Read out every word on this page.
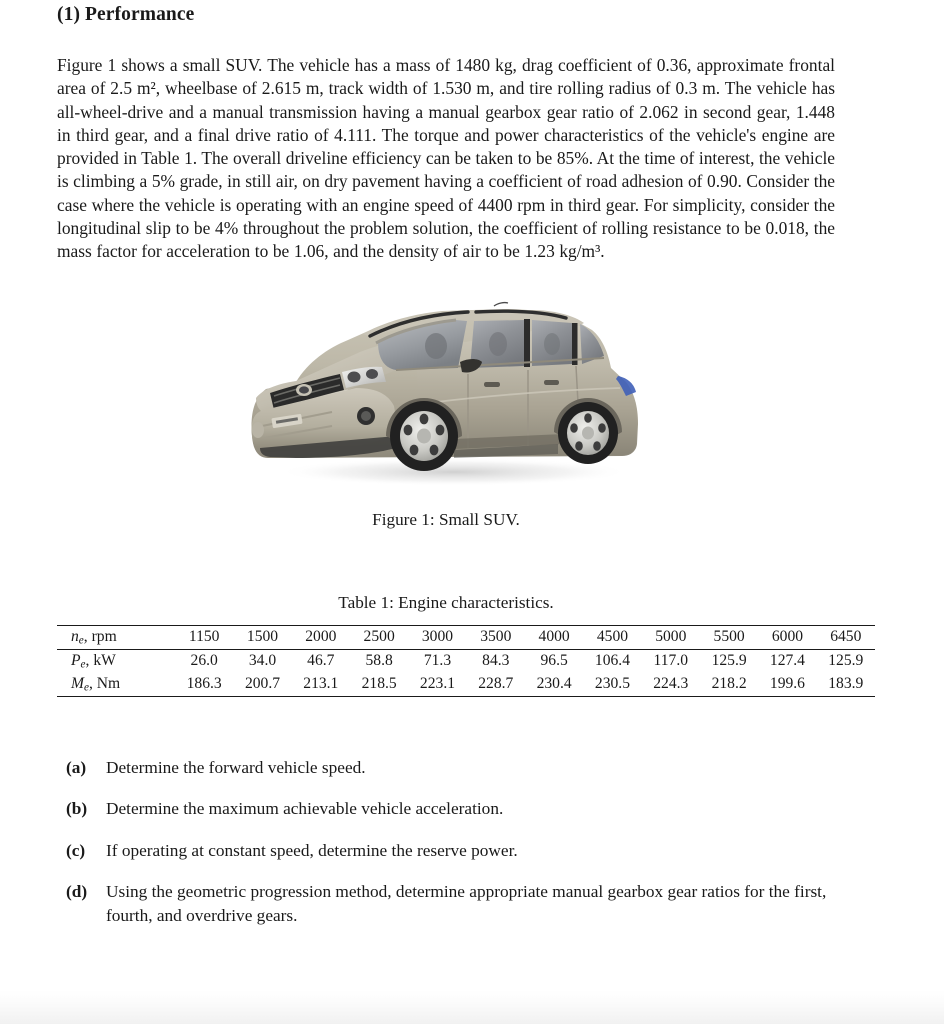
(1) Performance

Figure 1 shows a small SUV. The vehicle has a mass of 1480 kg, drag coefficient of 0.36, approximate frontal area of 2.5 m², wheelbase of 2.615 m, track width of 1.530 m, and tire rolling radius of 0.3 m. The vehicle has all-wheel-drive and a manual transmission having a manual gearbox gear ratio of 2.062 in second gear, 1.448 in third gear, and a final drive ratio of 4.111. The torque and power characteristics of the vehicle's engine are provided in Table 1. The overall driveline efficiency can be taken to be 85%. At the time of interest, the vehicle is climbing a 5% grade, in still air, on dry pavement having a coefficient of road adhesion of 0.90. Consider the case where the vehicle is operating with an engine speed of 4400 rpm in third gear. For simplicity, consider the longitudinal slip to be 4% throughout the problem solution, the coefficient of rolling resistance to be 0.018, the mass factor for acceleration to be 1.06, and the density of air to be 1.23 kg/m³.

Figure 1: Small SUV.
Table 1: Engine characteristics.
$n_e$, rpm	1150	1500	2000	2500	3000	3500	4000	4500	5000	5500	6000	6450
$P_e$, kW	26.0	34.0	46.7	58.8	71.3	84.3	96.5	106.4	117.0	125.9	127.4	125.9
$M_e$, Nm	186.3	200.7	213.1	218.5	223.1	228.7	230.4	230.5	224.3	218.2	199.6	183.9
(a)	Determine the forward vehicle speed.
(b)	Determine the maximum achievable vehicle acceleration.
(c)	If operating at constant speed, determine the reserve power.
(d)	Using the geometric progression method, determine appropriate manual gearbox gear ratios for the first, fourth, and overdrive gears.
